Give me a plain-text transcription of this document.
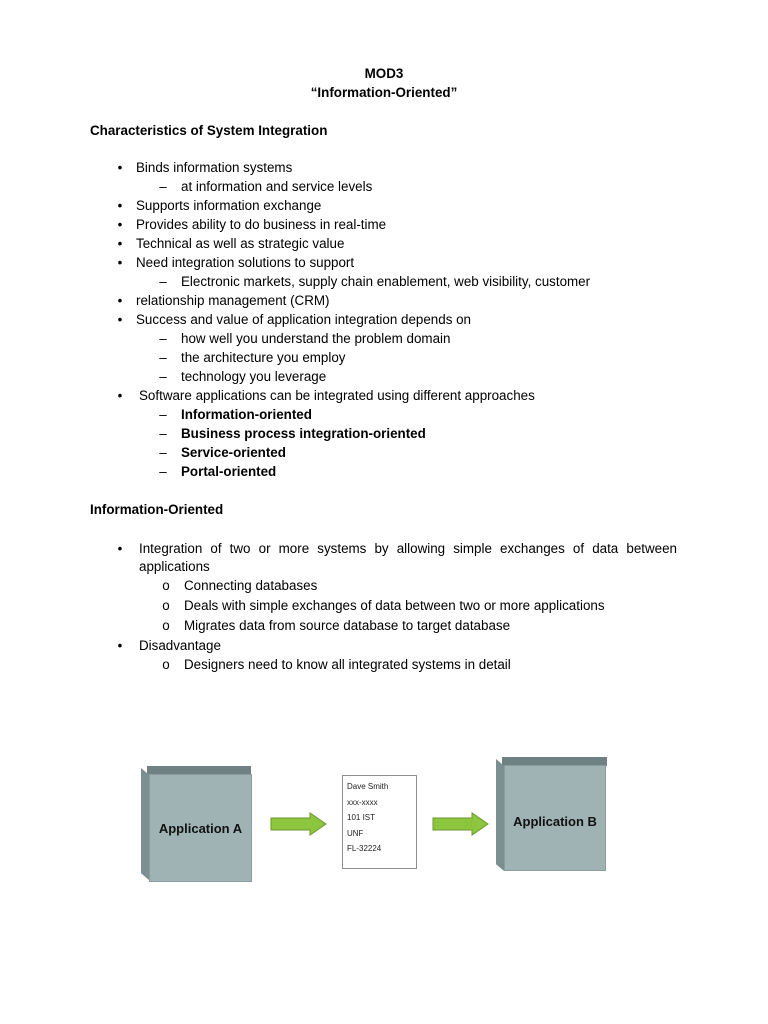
MOD3
“Information-Oriented”
Characteristics of System Integration
•	Binds information systems
– at information and service levels
•	Supports information exchange
•	Provides ability to do business in real-time
•	Technical as well as strategic value
•	Need integration solutions to support
– Electronic markets, supply chain enablement, web visibility, customer
•	relationship management (CRM)
•	Success and value of application integration depends on
– how well you understand the problem domain
– the architecture you employ
– technology you leverage
•	Software applications can be integrated using different approaches
– Information-oriented
– Business process integration-oriented
– Service-oriented
– Portal-oriented
Information-Oriented
•	Integration of two or more systems by allowing simple exchanges of data between applications
o Connecting databases
o Deals with simple exchanges of data between two or more applications
o Migrates data from source database to target database
•	Disadvantage
o Designers need to know all integrated systems in detail
Application A
Dave Smith
xxx-xxxx
101 IST
UNF
FL-32224
Application B
